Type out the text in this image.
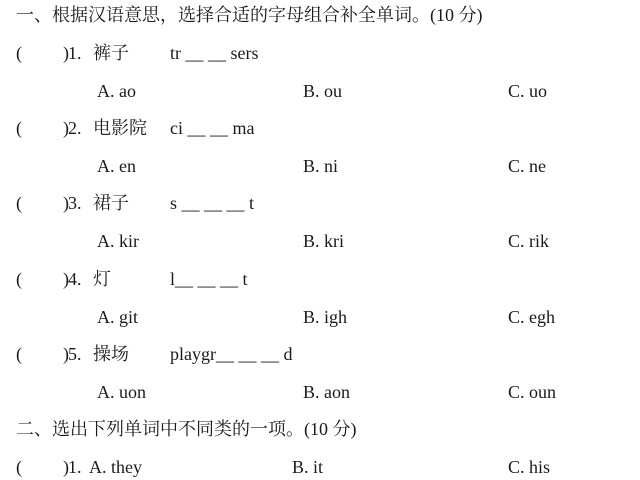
一、根据汉语意思，选择合适的字母组合补全单词。(10 分)
( ) 1. 裤子 tr __ __ sers
A. ao	B. ou	C. uo
( ) 2. 电影院 ci __ __ ma
A. en	B. ni	C. ne
( ) 3. 裙子 s __ __ __ t
A. kir	B. kri	C. rik
( ) 4. 灯	l__ __ __ t
A. git	B. igh	C. egh
( ) 5. 操场 playgr__ __ __ d
A. uon	B. aon	C. oun
二、选出下列单词中不同类的一项。(10 分)
( ) 1. A. they	B. it	C. his
